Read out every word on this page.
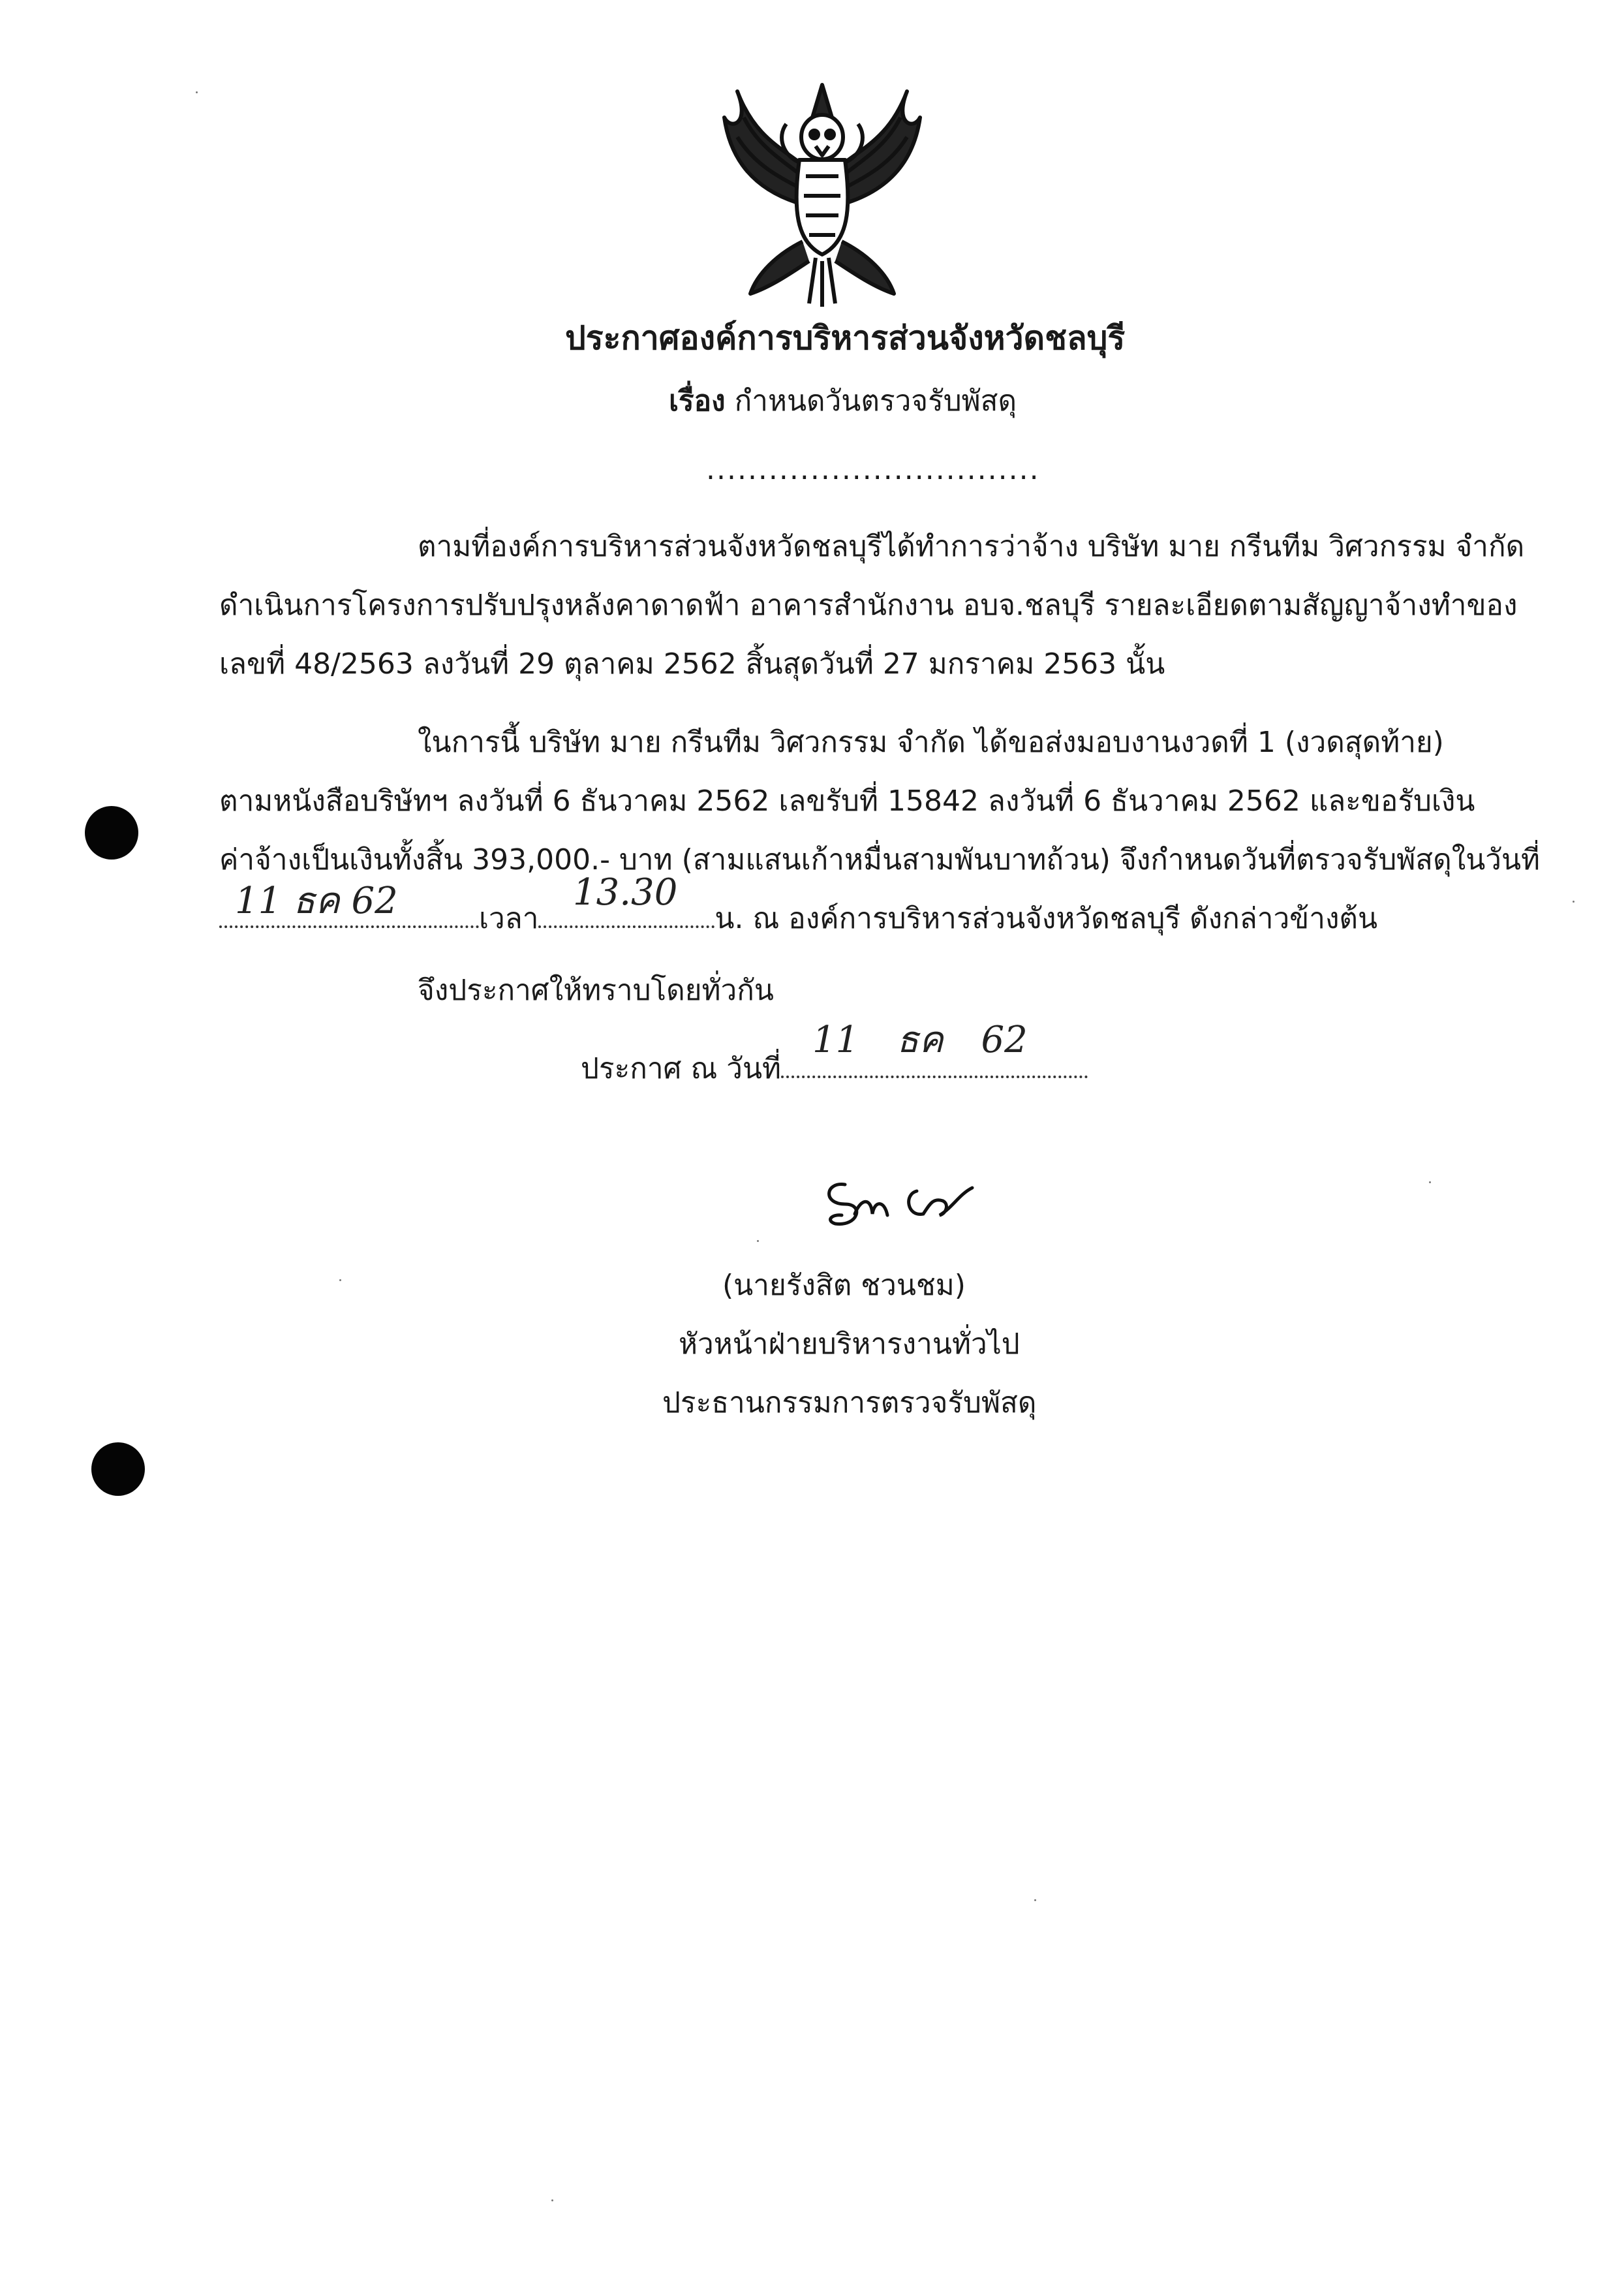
ประกาศองค์การบริหารส่วนจังหวัดชลบุรี
เรื่อง กำหนดวันตรวจรับพัสดุ
................................
ตามที่องค์การบริหารส่วนจังหวัดชลบุรีได้ทำการว่าจ้าง บริษัท มาย กรีนทีม วิศวกรรม จำกัด
ดำเนินการโครงการปรับปรุงหลังคาดาดฟ้า อาคารสำนักงาน อบจ.ชลบุรี รายละเอียดตามสัญญาจ้างทำของ
เลขที่ 48/2563 ลงวันที่ 29 ตุลาคม 2562 สิ้นสุดวันที่ 27 มกราคม 2563 นั้น
ในการนี้ บริษัท มาย กรีนทีม วิศวกรรม จำกัด ได้ขอส่งมอบงานงวดที่ 1 (งวดสุดท้าย)
ตามหนังสือบริษัทฯ ลงวันที่ 6 ธันวาคม 2562 เลขรับที่ 15842 ลงวันที่ 6 ธันวาคม 2562 และขอรับเงิน
ค่าจ้างเป็นเงินทั้งสิ้น 393,000.- บาท (สามแสนเก้าหมื่นสามพันบาทถ้วน) จึงกำหนดวันที่ตรวจรับพัสดุในวันที่
11 ธค 62	13.30
เวลา	น. ณ องค์การบริหารส่วนจังหวัดชลบุรี ดังกล่าวข้างต้น
จึงประกาศให้ทราบโดยทั่วกัน
11 ธค 62
ประกาศ ณ วันที่
(นายรังสิต ชวนชม)
หัวหน้าฝ่ายบริหารงานทั่วไป
ประธานกรรมการตรวจรับพัสดุ
